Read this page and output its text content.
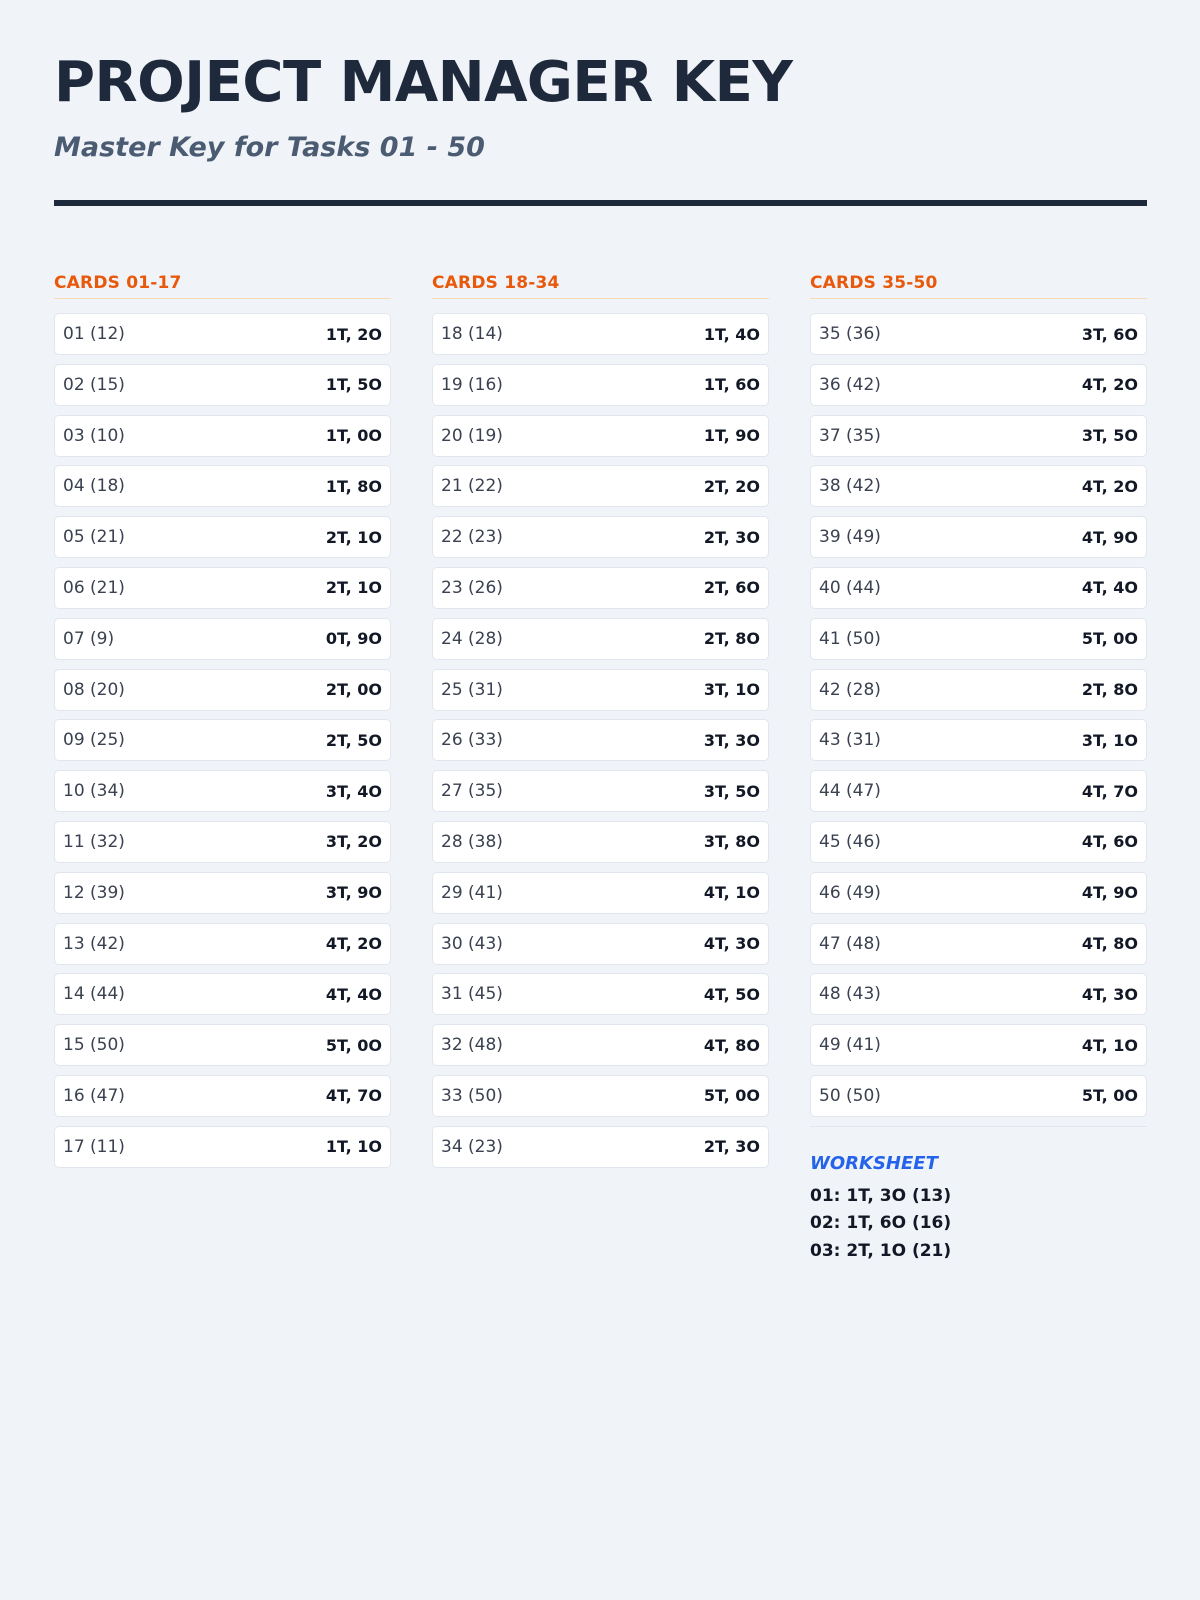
PROJECT MANAGER KEY
Master Key for Tasks 01 - 50
CARDS 01-17
01 (12)	1T, 2O
02 (15)	1T, 5O
03 (10)	1T, 0O
04 (18)	1T, 8O
05 (21)	2T, 1O
06 (21)	2T, 1O
07 (9)	0T, 9O
08 (20)	2T, 0O
09 (25)	2T, 5O
10 (34)	3T, 4O
11 (32)	3T, 2O
12 (39)	3T, 9O
13 (42)	4T, 2O
14 (44)	4T, 4O
15 (50)	5T, 0O
16 (47)	4T, 7O
17 (11)	1T, 1O
CARDS 18-34
18 (14)	1T, 4O
19 (16)	1T, 6O
20 (19)	1T, 9O
21 (22)	2T, 2O
22 (23)	2T, 3O
23 (26)	2T, 6O
24 (28)	2T, 8O
25 (31)	3T, 1O
26 (33)	3T, 3O
27 (35)	3T, 5O
28 (38)	3T, 8O
29 (41)	4T, 1O
30 (43)	4T, 3O
31 (45)	4T, 5O
32 (48)	4T, 8O
33 (50)	5T, 0O
34 (23)	2T, 3O
CARDS 35-50
35 (36)	3T, 6O
36 (42)	4T, 2O
37 (35)	3T, 5O
38 (42)	4T, 2O
39 (49)	4T, 9O
40 (44)	4T, 4O
41 (50)	5T, 0O
42 (28)	2T, 8O
43 (31)	3T, 1O
44 (47)	4T, 7O
45 (46)	4T, 6O
46 (49)	4T, 9O
47 (48)	4T, 8O
48 (43)	4T, 3O
49 (41)	4T, 1O
50 (50)	5T, 0O
WORKSHEET
01: 1T, 3O (13)
02: 1T, 6O (16)
03: 2T, 1O (21)
